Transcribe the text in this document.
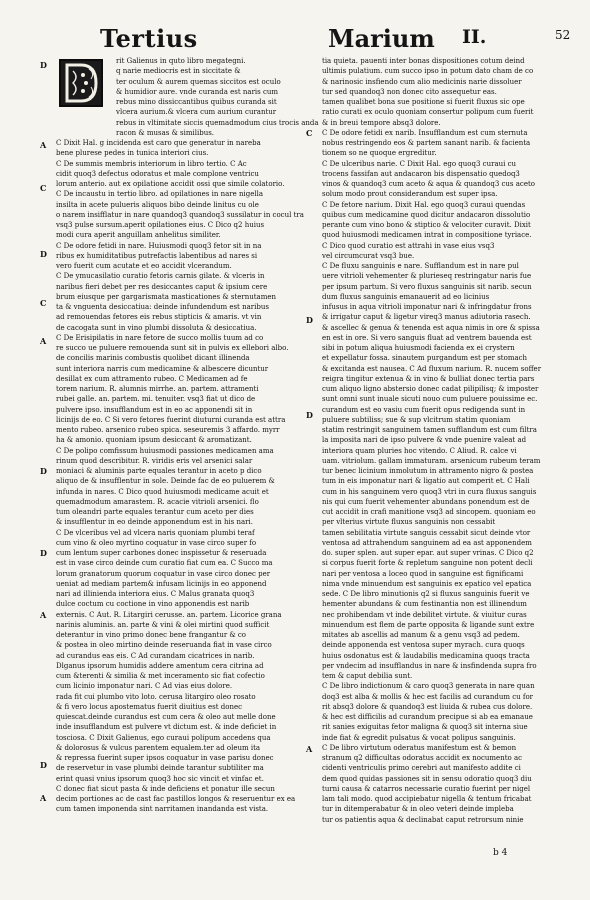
Tertius	Marium II.	52
rit Galienus in quto libro megategni.
q narie mediocris est in siccitate &
ter oculum & aurem quemas siccitos est oculo
& humidior aure. vnde curanda est naris cum
rebus mino dissiccantibus quibus curanda sit
vlcera aurium.& vlcera cum aurium curantur
rebus in vltimitate siccis quemadmodum cius trocis anda
racon & musas & similibus.
C Dixit Hal. g incidenda est caro que generatur in nareba
bene plurese pedes in tunica interiori cius.
C De summis membris interiorum in libro tertio. C Ac
cidit quoq3 defectus odoratus et male complone ventricu
lorum anterio. aut ex opilatione accidit ossi que simile colatorio.
C De incaustu in tertio libro. ad opilationes in nare nigella
insilta in acete pulueris aliquos bibo deinde linitus cu ole
o narem insifflatur in nare quandoq3 quandoq3 sussilatur in cocul tra
vsq3 pulse sursum.aperit opilationes eius. C Dico q2 huius
modi cura aperit anguillam anhelitus similiter.
C De odore fetidi in nare. Huiusmodi quoq3 fetor sit in na
ribus ex humiditatibus putrefactis labentibus ad nares si
vero fuerit cum acutate et eo accidit vlcerandum.
C De ymucasilatio curatio fetoris carnis gilate. & vlceris in
naribus fieri debet per res desiccantes caput & ipsium cere
brum eiusque per gargarismata masticationes & sternutamen
ta & vnguenta desiccatiua: deinde infundendum est naribus
ad remouendas fetores eis rebus stipticis & amaris. vt vin
de cacogata sunt in vino plumbi dissoluta & desiccatiua.
C De Erisipilatis in nare fetore de succo mollis tuum ad co
re succo ue puluere remouenda sunt sit in pulvis ex ellebori albo.
de concilis marinis combustis quolibet dicant illinenda
sunt interiora narris cum medicamine & albescere dicuntur
desillat ex cum attramento rubeo. C Medicamen ad fe
torem narium. R. alumnis mirrhe. an. partem. attramenti
rubei galle. an. partem. mi. tenuiter. vsq3 fiat ut dico de
pulvere ipso. insufflandum est in eo ac apponendi sit in
licinijs de eo. C Si vero fetores fuerint diuturni curanda est attra
mento rubeo. arsenico rubeo spica. seseuremis 3 affardo. myrr
ha & amonio. quoniam ipsum desiccant & aromatizant.
C De polipo comfissum huiusmodi passiones medicamen ama
rinum quod describitur. R. viridis eris vel arsenici salar
moniaci & aluminis parte equales terantur in aceto p dico
aliquo de & insufflentur in sole. Deinde fac de eo puluerem &
infunda in nares. C Dico quod huiusmodi medicame acuit et
quemadmodum amarastem. R. acacie vitrioli arsenici. flo
tum oleandri parte equales terantur cum aceto per dies
& insufflentur in eo deinde apponendum est in his nari.
C De vlceribus vel ad vlcera naris quoniam plumbi teraf
cum vino & oleo myrtino coquatur in vase circo super fo
cum lentum super carbones donec inspissetur & reseruada
est in vase circo deinde cum curatio fiat cum ea. C Succo ma
lorum granatorum quorum coquatur in vase circo donec per
ueniat ad mediam partem& infusam licinijs in eo apponend
nari ad illinienda interiora eius. C Malus granata quoq3
dulce coctum cu coctione in vino apponendis est narib
externis. C Aut. R. Litargiri cerusse. an. partem. Licorice grana
narinis aluminis. an. parte & vini & olei mirtini quod sufficit
deterantur in vino primo donec bene frangantur & co
& postea in oleo mirtino deinde reseruanda fiat in vase circo
ad curandus eas eis. C Ad curandam cicatrices in narib.
Dlganus ipsorum humidis addere amentum cera citrina ad
cum &terenti & similia & met inceramento sic fiat cofectio
cum licinio imponatur nari. C Ad vias eius dolore.
rada fit cui plumbo vito loto. cerusa litargiro oleo rosato
& fi vero locus apostematus fuerit diuitius est donec
quiescat.deinde curandus est cum cera & oleo aut melle done
inde insufflandum est pulvere vt dictum est. & inde deficiet in
tosciosa. C Dixit Galienus, ego curaui polipum accedens qua
& dolorosus & vulcus parentem equalem.ter ad oleum ita
& repressa fuerint super ipsos coquatur in vase parisu donec
de reservetur in vase plumbi deinde tarantur subtiliter ma
erint quasi vnius ipsorum quoq3 hoc sic vincit et vinfac et.
C donec fiat sicut pasta & inde deficiens et ponatur ille secun
decim portiones ac de cast fac pastillos longos & reseruentur ex ea
cum tamen imponenda sint narritamen inandanda est vista.
tia quieta. pauenti inter bonas dispositiones cotum deind
ultimis pulatium. cum succo ipso in potum dato cham de co
& narinosic insfiendo cum alio medicinis narie dissoluer
tur sed quandoq3 non donec cito assequetur eas.
tamen qualibet bona sue positione si fuerit fluxus sic ope
ratio curati ex oculo quoniam consertur polipum cum fuerit
& in breui tempore absq3 dolore.
C De odore fetidi ex narib. Insufflandum est cum sternuta
nobus restringendo eos & partem sanant narib. & facienta
tionem so ne quoque ergreditur.
C De ulceribus narie. C Dixit Hal. ego quoq3 curaui cu
trocens fassifan aut andacaron bis dispensatio quedoq3
vinos & quandoq3 cum aceto & aqua & quandoq3 cus aceto
solum modo prout considerandum est super ipsa.
C De fetore narium. Dixit Hal. ego quoq3 curaui quendas
quibus cum medicamine quod dicitur andacaron dissolutio
perante cum vino bono & stiptico & velociter curavit. Dixit
quod huiusmodi medicamen intrat in compositione tyriace.
C Dico quod curatio est attrahi in vase eius vsq3
vel circumcurat vsq3 bue.
C De fluxu sanguinis e nare. Sufflandum est in nare pul
uere vitrioli vehementer & plurieseq restringatur naris fue
per ipsum partum. Si vero fluxus sanguinis sit narib. secun
dum fluxus sanguinis emanauerit ad eo licinius
infusus in aqua vitrioli imponatur nari & infringdatur frons
& irrigatur caput & ligetur vireq3 manus adiutoria rasech.
& ascellec & genua & tenenda est aqua nimis in ore & spissa
en est in ore. Si vero sanguis fluat ad ventrem bauenda est
sibi in potum aliqua huiusmodi facienda ex ei crystern
et expellatur fossa. sinautem purgandum est per stomach
& excitanda est nausea. C Ad fluxum narium. R. nucem soffer
reigra tingitur extenua & in vino & bulliat donec tertia pars
cum aliquo ligno abstersio donec cadat pilipilisq; & imposter
sunt omni sunt inuale sicuti nouo cum puluere pouissime ec.
curandum est eo vasiu cum fuerit opus redigenda sunt in
puluere subtiliss; sue & sup vlcitrum statim quoniam
statim restringit sanguinem tamen sufflandum est cum filtra
la imposita nari de ipso pulvere & vnde puenire valeat ad
interiora quam pluries hoc vitendo. C Aliud. R. calce vi
uam. vitriolum. gallam immaturam. arsenicum rubeum teram
tur benec licinium inmolutum in attramento nigro & postea
tum in eis imponatur nari & ligatio aut comperit et. C Hali
cum in his sanguinem vero quoq3 vtri in cura fluxus sanguis
nis qui cum fuerit vehementer abundans ponendum est de
cut accidit in crafi manitione vsq3 ad sincopem. quoniam eo
per vlterius virtute fluxus sanguinis non cessabit
tamen sebilitatia virtute sanguis cessabit sicut deinde vtor
ventosa ad attrahendum sanguinem ad ea ast apponendem
do. super splen. aut super epar. aut super vrinas. C Dico q2
si corpus fuerit forte & repletum sanguine non potent decli
nari per ventosa a loceo quod in sanguine est fignificami
nima vnde minuendum est sanguinis ex epatico vel epatica
sede. C De libro minutionis q2 si fluxus sanguinis fuerit ve
hementer abundans & cum festinantia non est illinendum
nec prohibendam vt inde debilitet virtute. & viuitur curas
minuendum est flem de parte opposita & ligande sunt extre
mitates ab ascellis ad manum & a genu vsq3 ad pedem.
deinde apponenda est ventosa super myrach. cura quoqs
huius osdonatus est & laudabilis medicamina quoqs tracta
per vndecim ad insufflandus in nare & insfindenda supra fro
tem & caput debilia sunt.
C De libro indictionum & caro quoq3 generata in nare quan
doq3 est alba & mollis & hec est facilis ad curandum cu for
rit absq3 dolore & quandoq3 est liuida & rubea cus dolore.
& hec est difficilis ad curandum precipue si ab ea emanaue
rit sanies exiguitas fetor maligna & quoq3 sit interna siue
inde fiat & egredit pulsatus & vocat polipus sanguinis.
C De libro virtutum oderatus manifestum est & bemon
stranum q2 difficultas odoratus accidit ex nocumento ac
cidenti ventriculis primo cerebri aut manifesto addite ci
dem quod quidas passiones sit in sensu odoratio quoq3 diu
turni causa & catarros necessarie curatio fuerint per nigel
lam tali modo. quod accipiebatur nigella & tentum fricabat
tur in ditemperabatur & in oleo veteri deinde impleba
tur os patientis aqua & declinabat caput retrorsum ninie
D
A
C
D
C
A
D
D
A
D
A
C
D
D
A
b 4
